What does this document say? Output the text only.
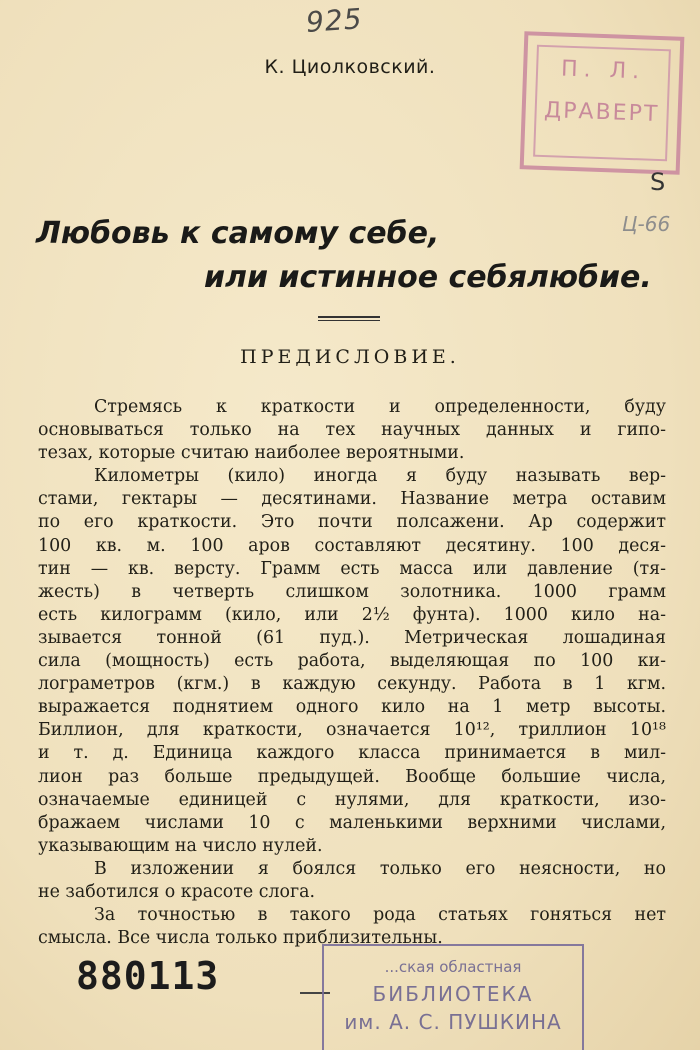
925
К. Циолковский.	П. Л.
ДРАВЕРТ
S
Ц-66
Любовь к самому себе,
или истинное себялюбие.
ПРЕДИСЛОВИЕ.
Стремясь к краткости и определенности, буду
основываться только на тех научных данных и гипо-
тезах, которые считаю наиболее вероятными.
Километры (кило) иногда я буду называть вер-
стами, гектары — десятинами. Название метра оставим
по его краткости. Это почти полсажени. Ар содержит
100 кв. м. 100 аров составляют десятину. 100 деся-
тин — кв. версту. Грамм есть масса или давление (тя-
жесть) в четверть слишком золотника. 1000 грамм
есть килограмм (кило, или 2½ фунта). 1000 кило на-
зывается тонной (61 пуд.). Метрическая лошадиная
сила (мощность) есть работа, выделяющая по 100 ки-
лограметров (кгм.) в каждую секунду. Работа в 1 кгм.
выражается поднятием одного кило на 1 метр высоты.
Биллион, для краткости, означается 10¹², триллион 10¹⁸
и т. д. Единица каждого класса принимается в мил-
лион раз больше предыдущей. Вообще большие числа,
означаемые единицей с нулями, для краткости, изо-
бражаем числами 10 с маленькими верхними числами,
указывающим на число нулей.
В изложении я боялся только его неясности, но
не заботился о красоте слога.
За точностью в такого рода статьях гоняться нет
смысла. Все числа только приблизительны.
...ская областная
БИБЛИОТЕКА
им. А. С. ПУШКИНА
880113
